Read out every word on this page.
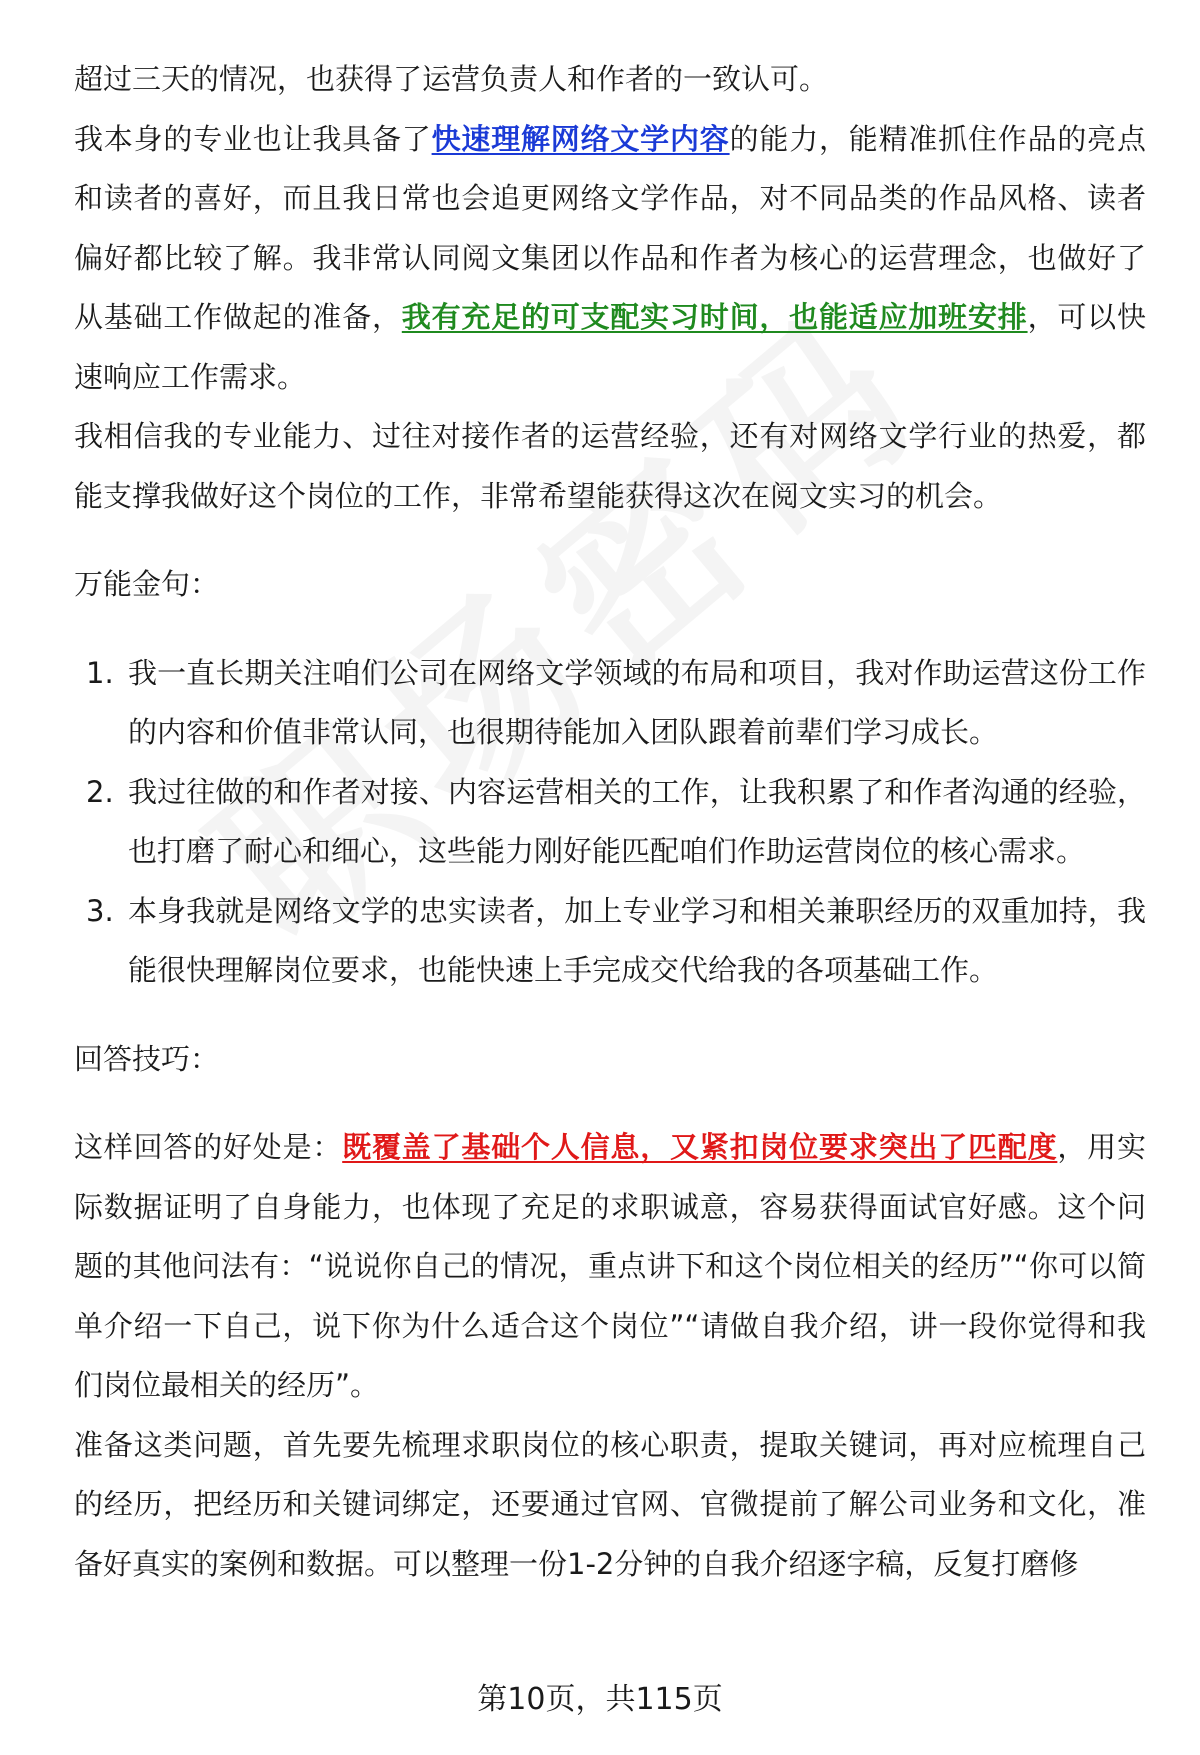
超过三天的情况，也获得了运营负责人和作者的一致认可。

我本身的专业也让我具备了快速理解网络文学内容的能力，能精准抓住作品的亮点和读者的喜好，而且我日常也会追更网络文学作品，对不同品类的作品风格、读者偏好都比较了解。我非常认同阅文集团以作品和作者为核心的运营理念，也做好了从基础工作做起的准备，我有充足的可支配实习时间，也能适应加班安排，可以快速响应工作需求。

我相信我的专业能力、过往对接作者的运营经验，还有对网络文学行业的热爱，都能支撑我做好这个岗位的工作，非常希望能获得这次在阅文实习的机会。

万能金句：

1. 我一直长期关注咱们公司在网络文学领域的布局和项目，我对作助运营这份工作的内容和价值非常认同，也很期待能加入团队跟着前辈们学习成长。
2. 我过往做的和作者对接、内容运营相关的工作，让我积累了和作者沟通的经验，也打磨了耐心和细心，这些能力刚好能匹配咱们作助运营岗位的核心需求。
3. 本身我就是网络文学的忠实读者，加上专业学习和相关兼职经历的双重加持，我能很快理解岗位要求，也能快速上手完成交代给我的各项基础工作。

回答技巧：

这样回答的好处是：既覆盖了基础个人信息，又紧扣岗位要求突出了匹配度，用实际数据证明了自身能力，也体现了充足的求职诚意，容易获得面试官好感。这个问题的其他问法有：“说说你自己的情况，重点讲下和这个岗位相关的经历”“你可以简单介绍一下自己，说下你为什么适合这个岗位”“请做自我介绍，讲一段你觉得和我们岗位最相关的经历”。

准备这类问题，首先要先梳理求职岗位的核心职责，提取关键词，再对应梳理自己的经历，把经历和关键词绑定，还要通过官网、官微提前了解公司业务和文化，准备好真实的案例和数据。可以整理一份1-2分钟的自我介绍逐字稿，反复打磨修

第10页，共115页
